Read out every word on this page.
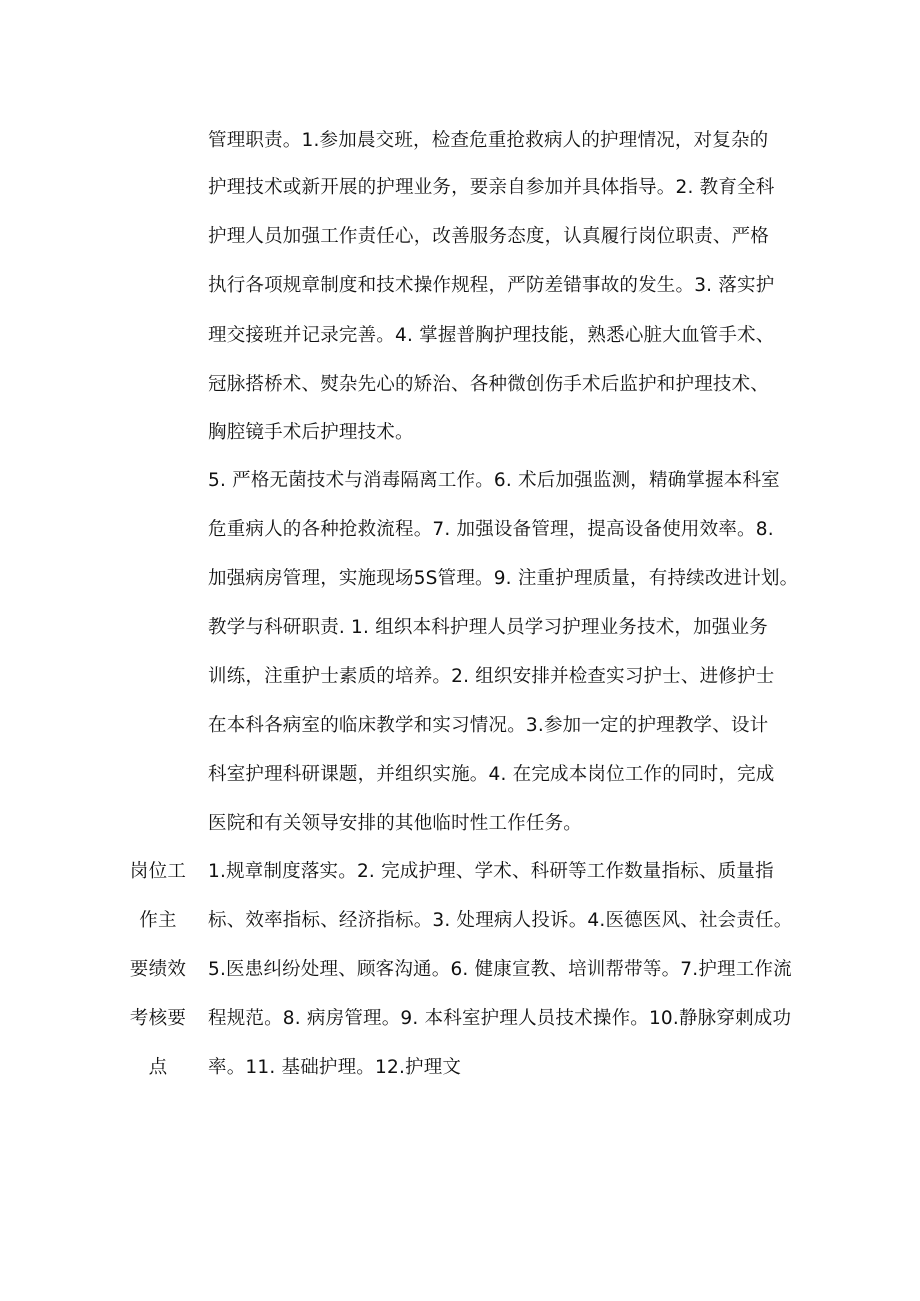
管理职责。1.参加晨交班，检查危重抢救病人的护理情况，对复杂的
护理技术或新开展的护理业务，要亲自参加并具体指导。2. 教育全科
护理人员加强工作责任心，改善服务态度，认真履行岗位职责、严格
执行各项规章制度和技术操作规程，严防差错事故的发生。3. 落实护
理交接班并记录完善。4. 掌握普胸护理技能，熟悉心脏大血管手术、
冠脉搭桥术、熨杂先心的矫治、各种微创伤手术后监护和护理技术、
胸腔镜手术后护理技术。
5. 严格无菌技术与消毒隔离工作。6. 术后加强监测，精确掌握本科室
危重病人的各种抢救流程。7. 加强设备管理，提高设备使用效率。8.
加强病房管理，实施现场5S管理。9. 注重护理质量，有持续改进计划。
教学与科研职责. 1. 组织本科护理人员学习护理业务技术，加强业务
训练，注重护士素质的培养。2. 组织安排并检查实习护士、进修护士
在本科各病室的临床教学和实习情况。3.参加一定的护理教学、设计
科室护理科研课题，并组织实施。4. 在完成本岗位工作的同时，完成
医院和有关领导安排的其他临时性工作任务。
岗位工
作主
要绩效
考核要
点
1.规章制度落实。2. 完成护理、学术、科研等工作数量指标、质量指
标、效率指标、经济指标。3. 处理病人投诉。4.医德医风、社会责任。
5.医患纠纷处理、顾客沟通。6. 健康宣教、培训帮带等。7.护理工作流
程规范。8. 病房管理。9. 本科室护理人员技术操作。10.静脉穿刺成功
率。11. 基础护理。12.护理文
